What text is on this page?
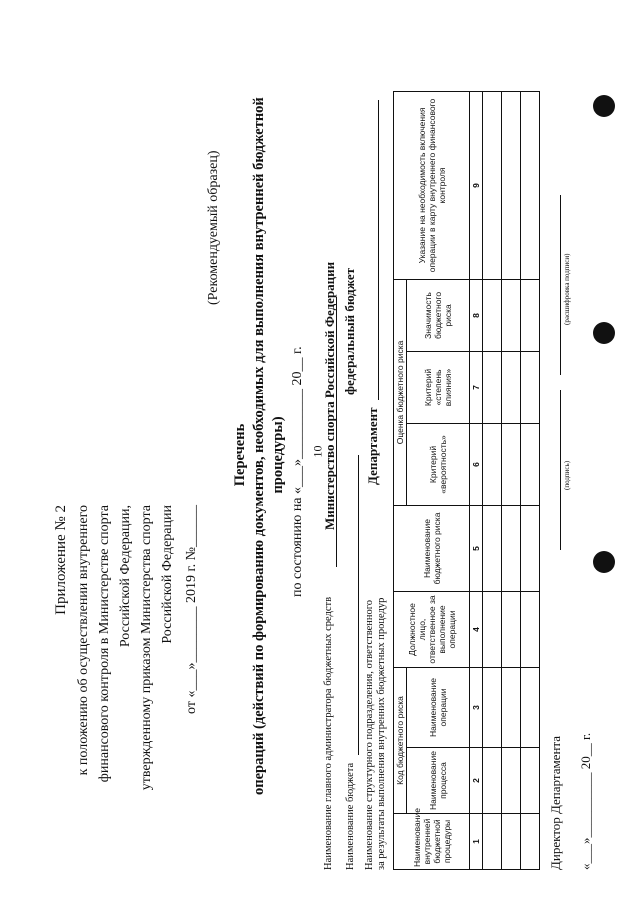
10
Приложение № 2 к положению об осуществлении внутреннего финансового контроля в Министерстве спорта Российской Федерации, утвержденному приказом Министерства спорта Российской Федерации от «___»________ 2019 г. №______
(Рекомендуемый образец)
Перечень операций (действий по формированию документов, необходимых для выполнения внутренней бюджетной процедуры) по состоянию на «___»__________ 20__ г.
Наименование главного администратора бюджетных средств
Министерство спорта Российской Федерации
Наименование бюджета
федеральный бюджет
Наименование структурного подразделения, ответственного за результаты выполнения внутренних бюджетных процедур
Департамент
Наименование внутренней бюджетной процедуры	Код бюджетного риска		Должностное лицо, ответственное за выполнение операции	Наименование бюджетного риска	Оценка бюджетного риска			Указание на необходимость включения операции в карту внутреннего финансового контроля
	Наименование процесса	Наименование операции			Критерий «вероятность»	Критерий «степень влияния»	Значимость бюджетного риска	
1	2	3	4	5	6	7	8	9

Директор Департамента
(подпись)
(расшифровка подписи)
«___»__________ 20__ г.
